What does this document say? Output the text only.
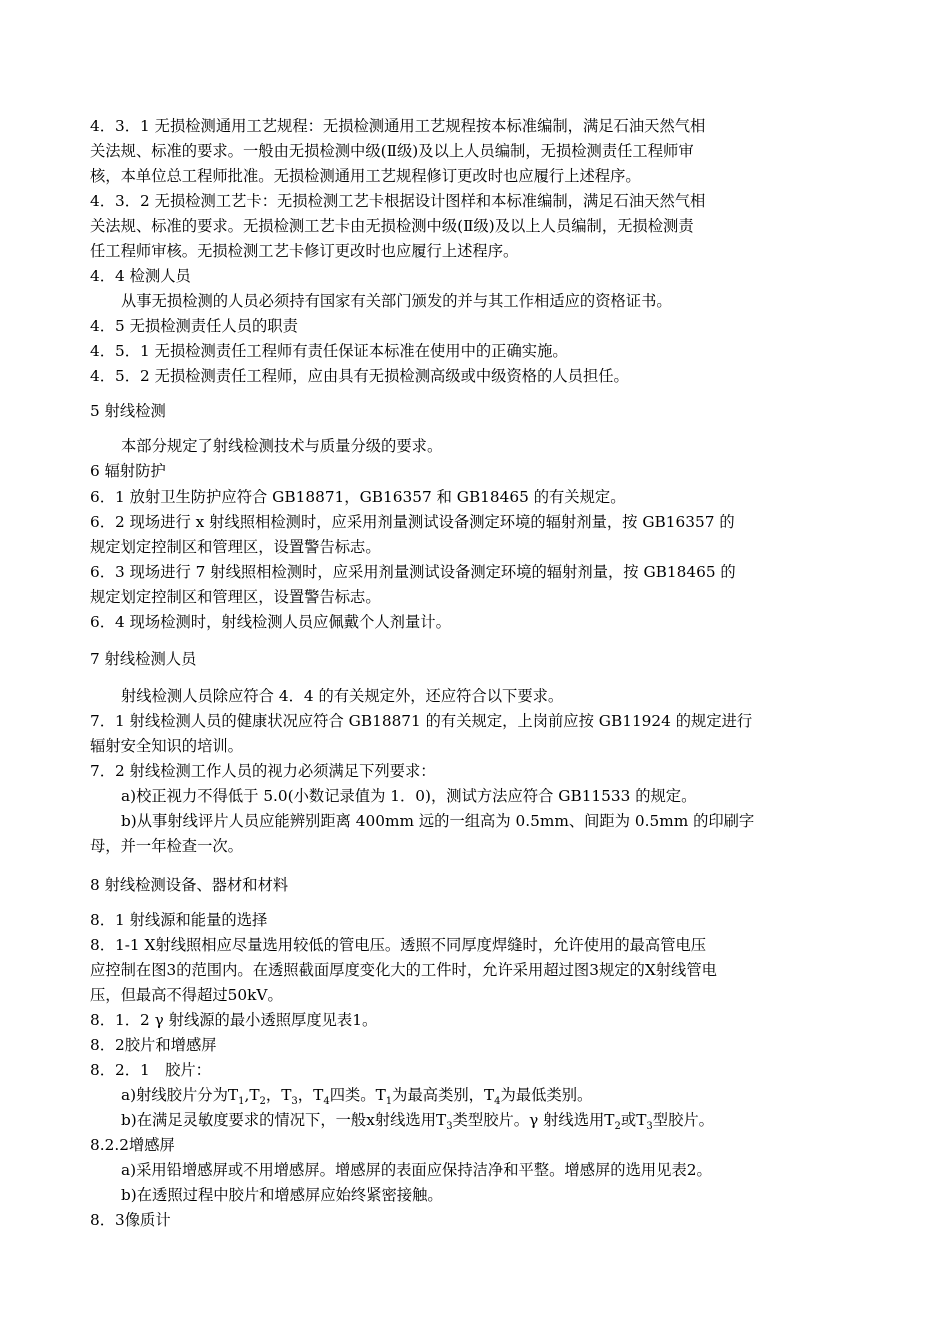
4．3．1 无损检测通用工艺规程：无损检测通用工艺规程按本标准编制，满足石油天然气相
关法规、标准的要求。一般由无损检测中级(Ⅱ级)及以上人员编制，无损检测责任工程师审
核，本单位总工程师批准。无损检测通用工艺规程修订更改时也应履行上述程序。
4．3．2 无损检测工艺卡：无损检测工艺卡根据设计图样和本标准编制，满足石油天然气相
关法规、标准的要求。无损检测工艺卡由无损检测中级(Ⅱ级)及以上人员编制，无损检测责
任工程师审核。无损检测工艺卡修订更改时也应履行上述程序。
4．4 检测人员
从事无损检测的人员必须持有国家有关部门颁发的并与其工作相适应的资格证书。
4．5 无损检测责任人员的职责
4．5．1 无损检测责任工程师有责任保证本标准在使用中的正确实施。
4．5．2 无损检测责任工程师，应由具有无损检测高级或中级资格的人员担任。
5 射线检测
本部分规定了射线检测技术与质量分级的要求。
6 辐射防护
6．1 放射卫生防护应符合 GB18871，GB16357 和 GB18465 的有关规定。
6．2 现场进行 x 射线照相检测时，应采用剂量测试设备测定环境的辐射剂量，按 GB16357 的
规定划定控制区和管理区，设置警告标志。
6．3 现场进行 7 射线照相检测时，应采用剂量测试设备测定环境的辐射剂量，按 GB18465 的
规定划定控制区和管理区，设置警告标志。
6．4 现场检测时，射线检测人员应佩戴个人剂量计。
7 射线检测人员
射线检测人员除应符合 4．4 的有关规定外，还应符合以下要求。
7．1 射线检测人员的健康状况应符合 GB18871 的有关规定，上岗前应按 GB11924 的规定进行
辐射安全知识的培训。
7．2 射线检测工作人员的视力必须满足下列要求：
a)校正视力不得低于 5.0(小数记录值为 1．0)，测试方法应符合 GB11533 的规定。
b)从事射线评片人员应能辨别距离 400mm 远的一组高为 0.5mm、间距为 0.5mm 的印刷字
母，并一年检查一次。
8 射线检测设备、器材和材料
8．1 射线源和能量的选择
8．1-1 X射线照相应尽量选用较低的管电压。透照不同厚度焊缝时，允许使用的最高管电压
应控制在图3的范围内。在透照截面厚度变化大的工件时，允许采用超过图3规定的X射线管电
压，但最高不得超过50kV。
8．1．2 γ 射线源的最小透照厚度见表1。
8．2胶片和增感屏
8．2．1　胶片：
a)射线胶片分为$T_1,T_2$，$T_3$，$T_4$四类。$T_1$为最高类别，$T_4$为最低类别。
b)在满足灵敏度要求的情况下，一般x射线选用$T_3$类型胶片。γ 射线选用$T_2$或$T_3$型胶片。
8.2.2增感屏
a)采用铅增感屏或不用增感屏。增感屏的表面应保持洁净和平整。增感屏的选用见表2。
b)在透照过程中胶片和增感屏应始终紧密接触。
8．3像质计
